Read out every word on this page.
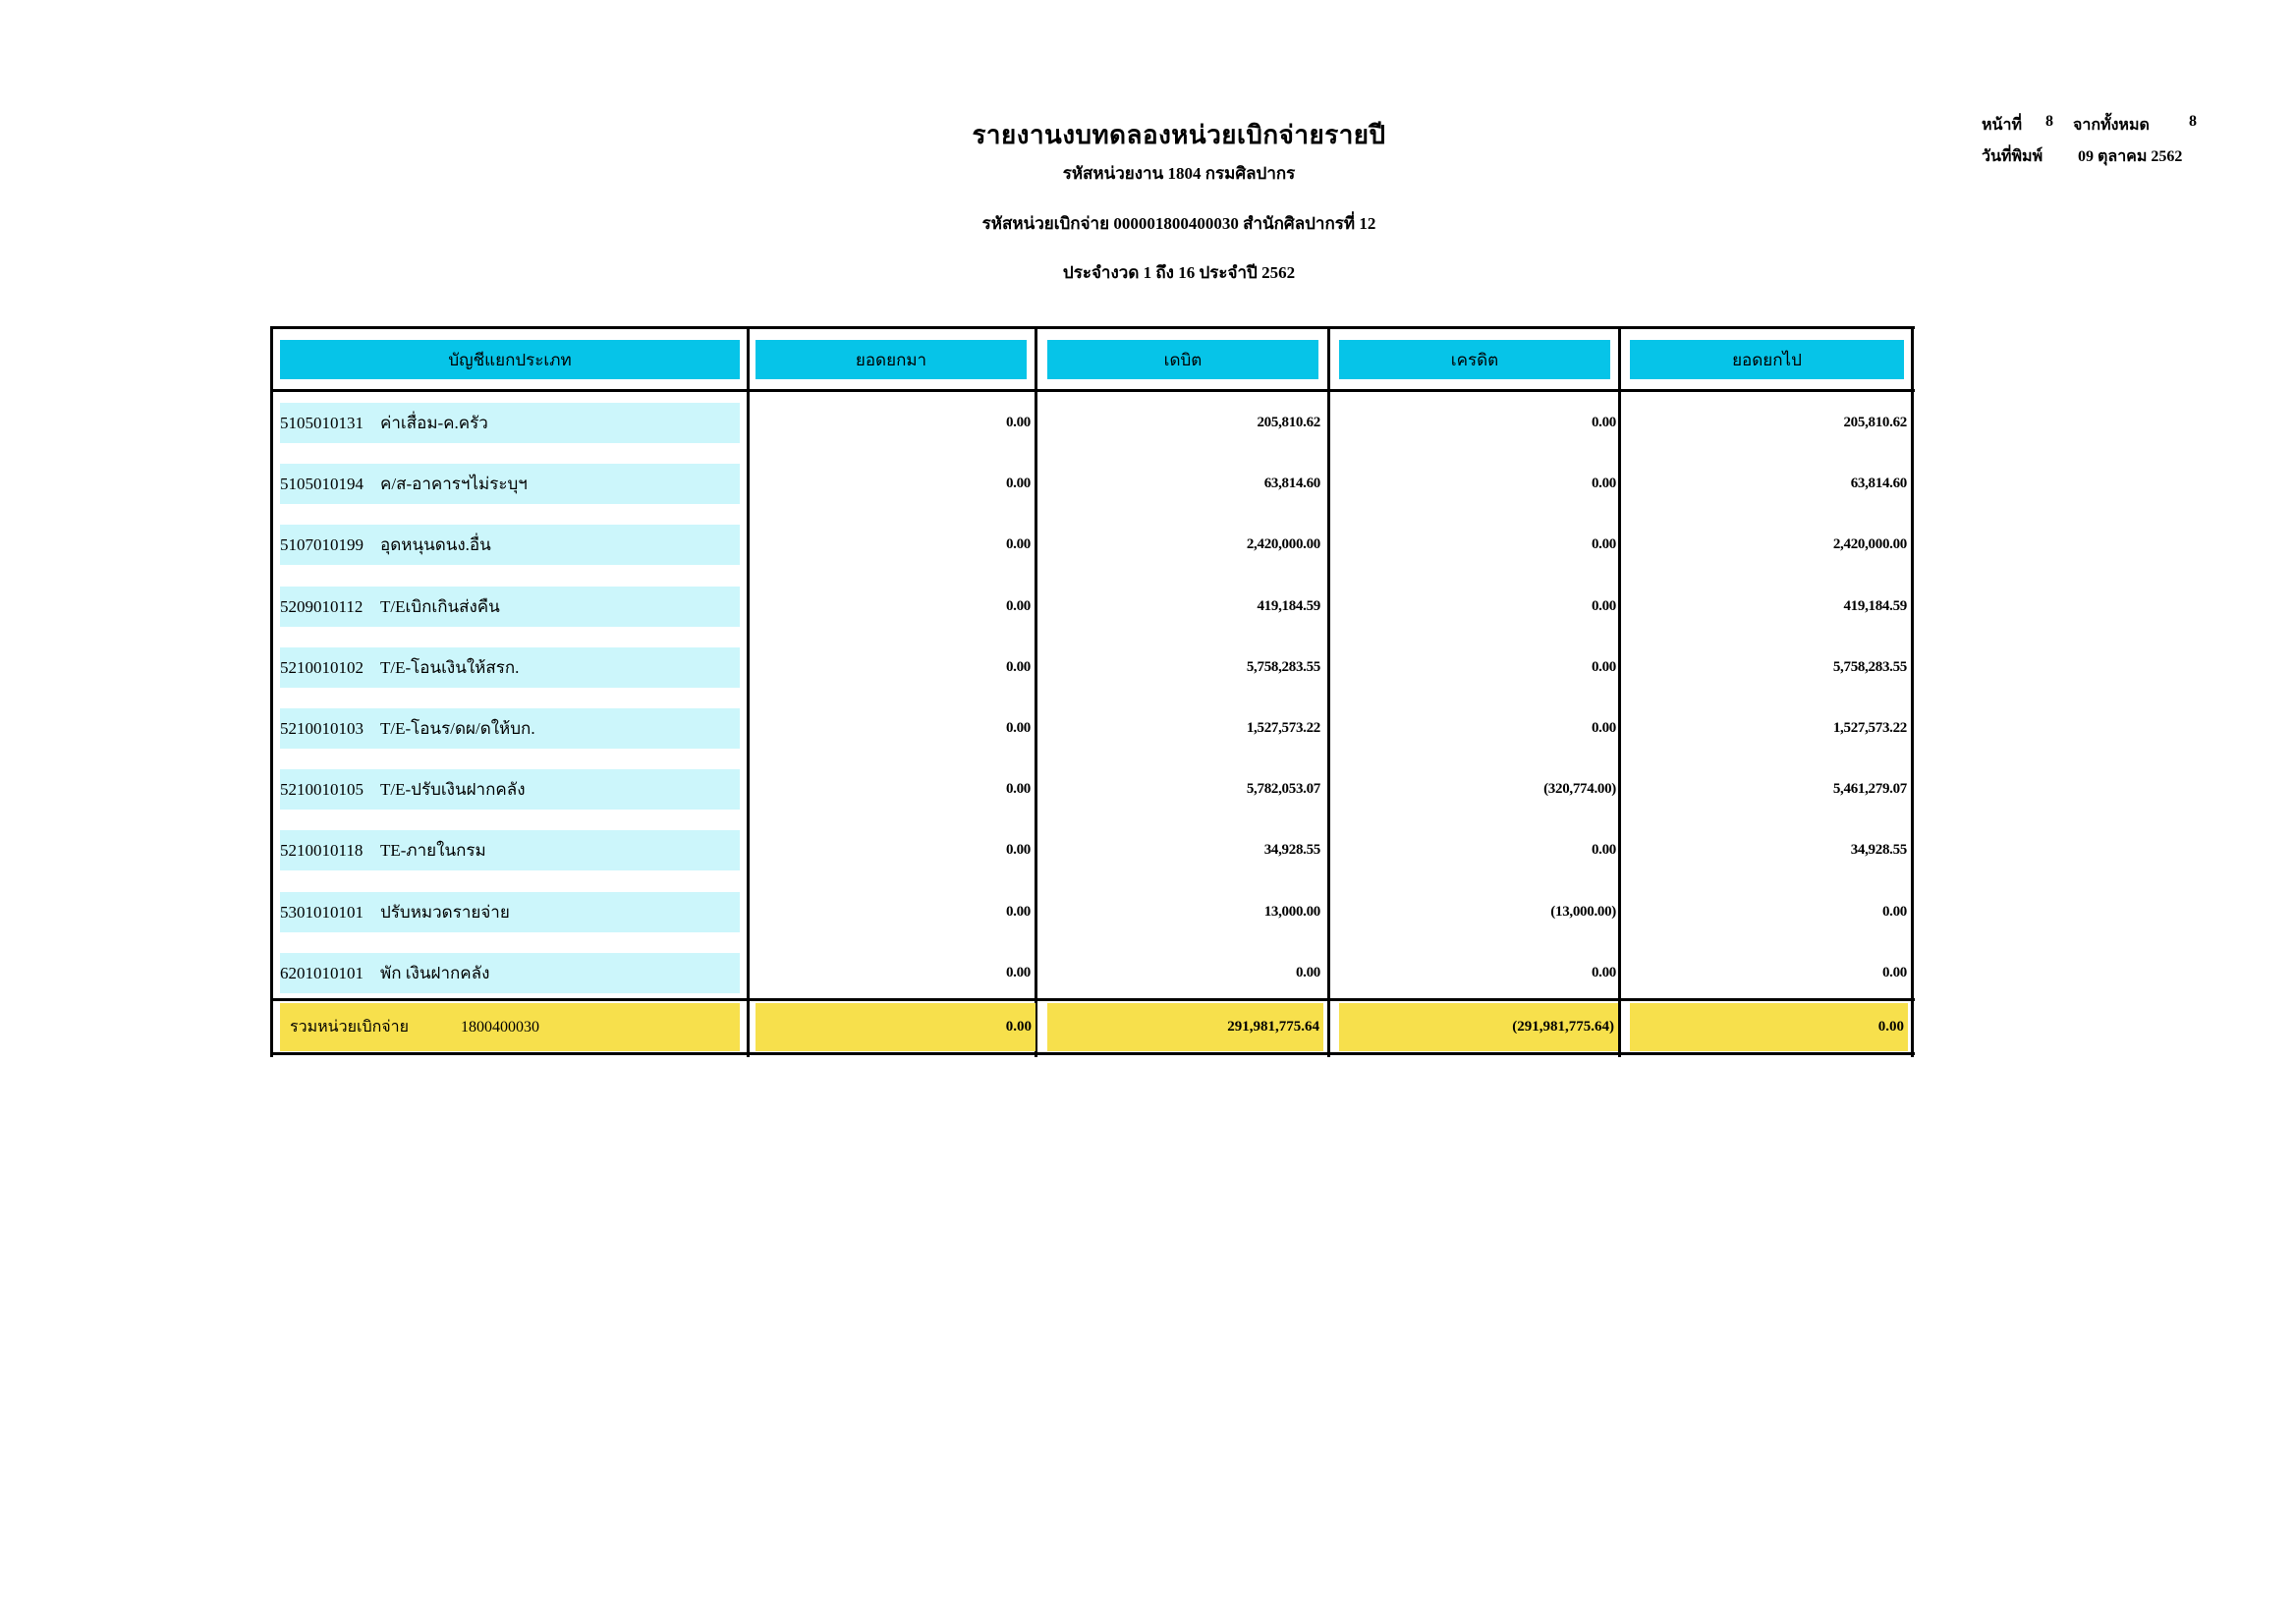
รายงานงบทดลองหน่วยเบิกจ่ายรายปี
รหัสหน่วยงาน 1804 กรมศิลปากร
รหัสหน่วยเบิกจ่าย 000001800400030 สำนักศิลปากรที่ 12
ประจำงวด 1 ถึง 16 ประจำปี 2562
หน้าที่ 8 จากทั้งหมด	8
วันที่พิมพ์ 09 ตุลาคม 2562
บัญชีแยกประเภท	ยอดยกมา	เดบิต	เครดิต	ยอดยกไป
5105010131	ค่าเสื่อม-ค.ครัว	0.00	205,810.62	0.00	205,810.62
5105010194	ค/ส-อาคารฯไม่ระบุฯ	0.00	63,814.60	0.00	63,814.60
5107010199	อุดหนุนดนง.อื่น	0.00	2,420,000.00	0.00	2,420,000.00
5209010112	T/Eเบิกเกินส่งคืน	0.00	419,184.59	0.00	419,184.59
5210010102	T/E-โอนเงินให้สรก.	0.00	5,758,283.55	0.00	5,758,283.55
5210010103	T/E-โอนร/ดผ/ดให้บก.	0.00	1,527,573.22	0.00	1,527,573.22
5210010105	T/E-ปรับเงินฝากคลัง	0.00	5,782,053.07	(320,774.00)	5,461,279.07
5210010118	TE-ภายในกรม	0.00	34,928.55	0.00	34,928.55
5301010101	ปรับหมวดรายจ่าย	0.00	13,000.00	(13,000.00)	0.00
6201010101	พัก เงินฝากคลัง	0.00	0.00	0.00	0.00
รวมหน่วยเบิกจ่าย	1800400030	0.00	291,981,775.64	(291,981,775.64)	0.00
